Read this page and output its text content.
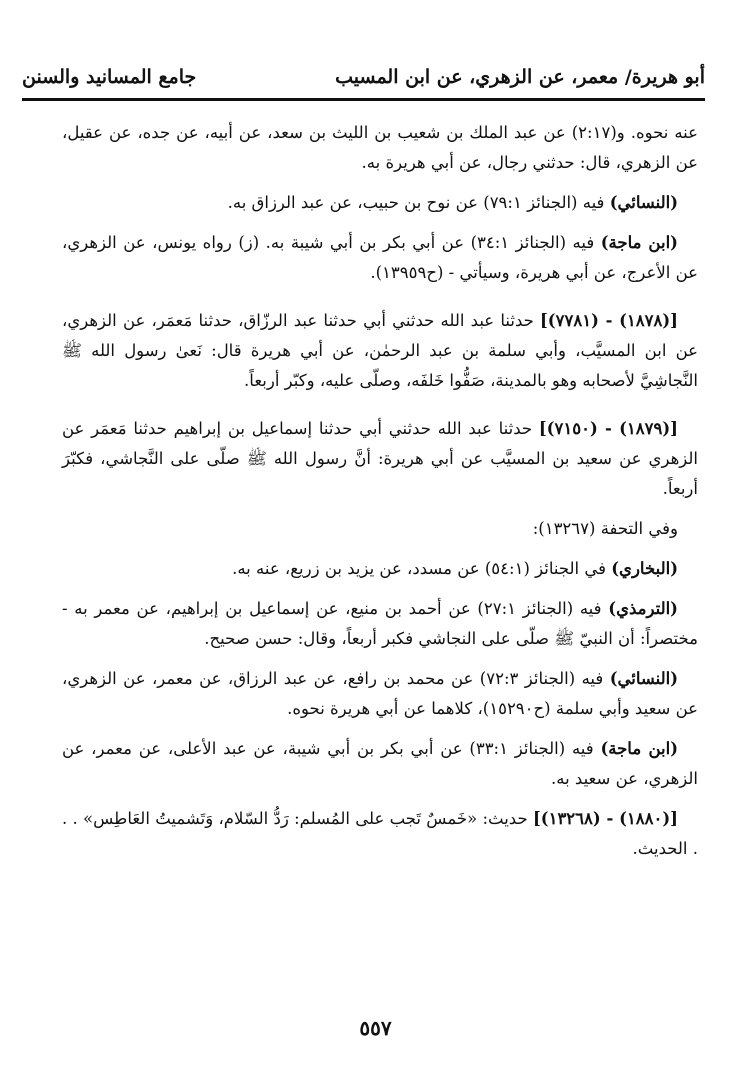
أبو هريرة/ معمر، عن الزهري، عن ابن المسيب
جامع المسانيد والسنن

عنه نحوه. و(٢:١٧) عن عبد الملك بن شعيب بن الليث بن سعد، عن أبيه، عن جده، عن عقيل، عن الزهري، قال: حدثني رجال، عن أبي هريرة به.

(النسائي) فيه (الجنائز ٧٩:١) عن نوح بن حبيب، عن عبد الرزاق به.

(ابن ماجة) فيه (الجنائز ٣٤:١) عن أبي بكر بن أبي شيبة به. (ز) رواه يونس، عن الزهري، عن الأعرج، عن أبي هريرة، وسيأتي - (ح١٣٩٥٩).

[(١٨٧٨) - (٧٧٨١)] حدثنا عبد الله حدثني أبي حدثنا عبد الرزّاق، حدثنا مَعمَر، عن الزهري، عن ابن المسيَّب، وأبي سلمة بن عبد الرحمٰن، عن أبي هريرة قال: نَعىٰ رسول الله ﷺ النَّجاشِيَّ لأصحابه وهو بالمدينة، صَفُّوا خَلفَه، وصلّى عليه، وكبّر أربعاً.

[(١٨٧٩) - (٧١٥٠)] حدثنا عبد الله حدثني أبي حدثنا إسماعيل بن إبراهيم حدثنا مَعمَر عن الزهري عن سعيد بن المسيَّب عن أبي هريرة: أنَّ رسول الله ﷺ صلّى على النَّجاشي، فكبّرَ أربعاً.

وفي التحفة (١٣٢٦٧):

(البخاري) في الجنائز (٥٤:١) عن مسدد، عن يزيد بن زريع، عنه به.

(الترمذي) فيه (الجنائز ٢٧:١) عن أحمد بن منيع، عن إسماعيل بن إبراهيم، عن معمر به - مختصراً: أن النبيّ ﷺ صلّى على النجاشي فكبر أربعاً، وقال: حسن صحيح.

(النسائي) فيه (الجنائز ٧٢:٣) عن محمد بن رافع، عن عبد الرزاق، عن معمر، عن الزهري، عن سعيد وأبي سلمة (ح١٥٢٩٠)، كلاهما عن أبي هريرة نحوه.

(ابن ماجة) فيه (الجنائز ٣٣:١) عن أبي بكر بن أبي شيبة، عن عبد الأعلى، عن معمر، عن الزهري، عن سعيد به.

[(١٨٨٠) - (١٣٢٦٨)] حديث: «خَمسٌ تَجب على المُسلم: رَدُّ السّلام، وَتَشميتُ العَاطِس» . . . الحديث.

٥٥٧
